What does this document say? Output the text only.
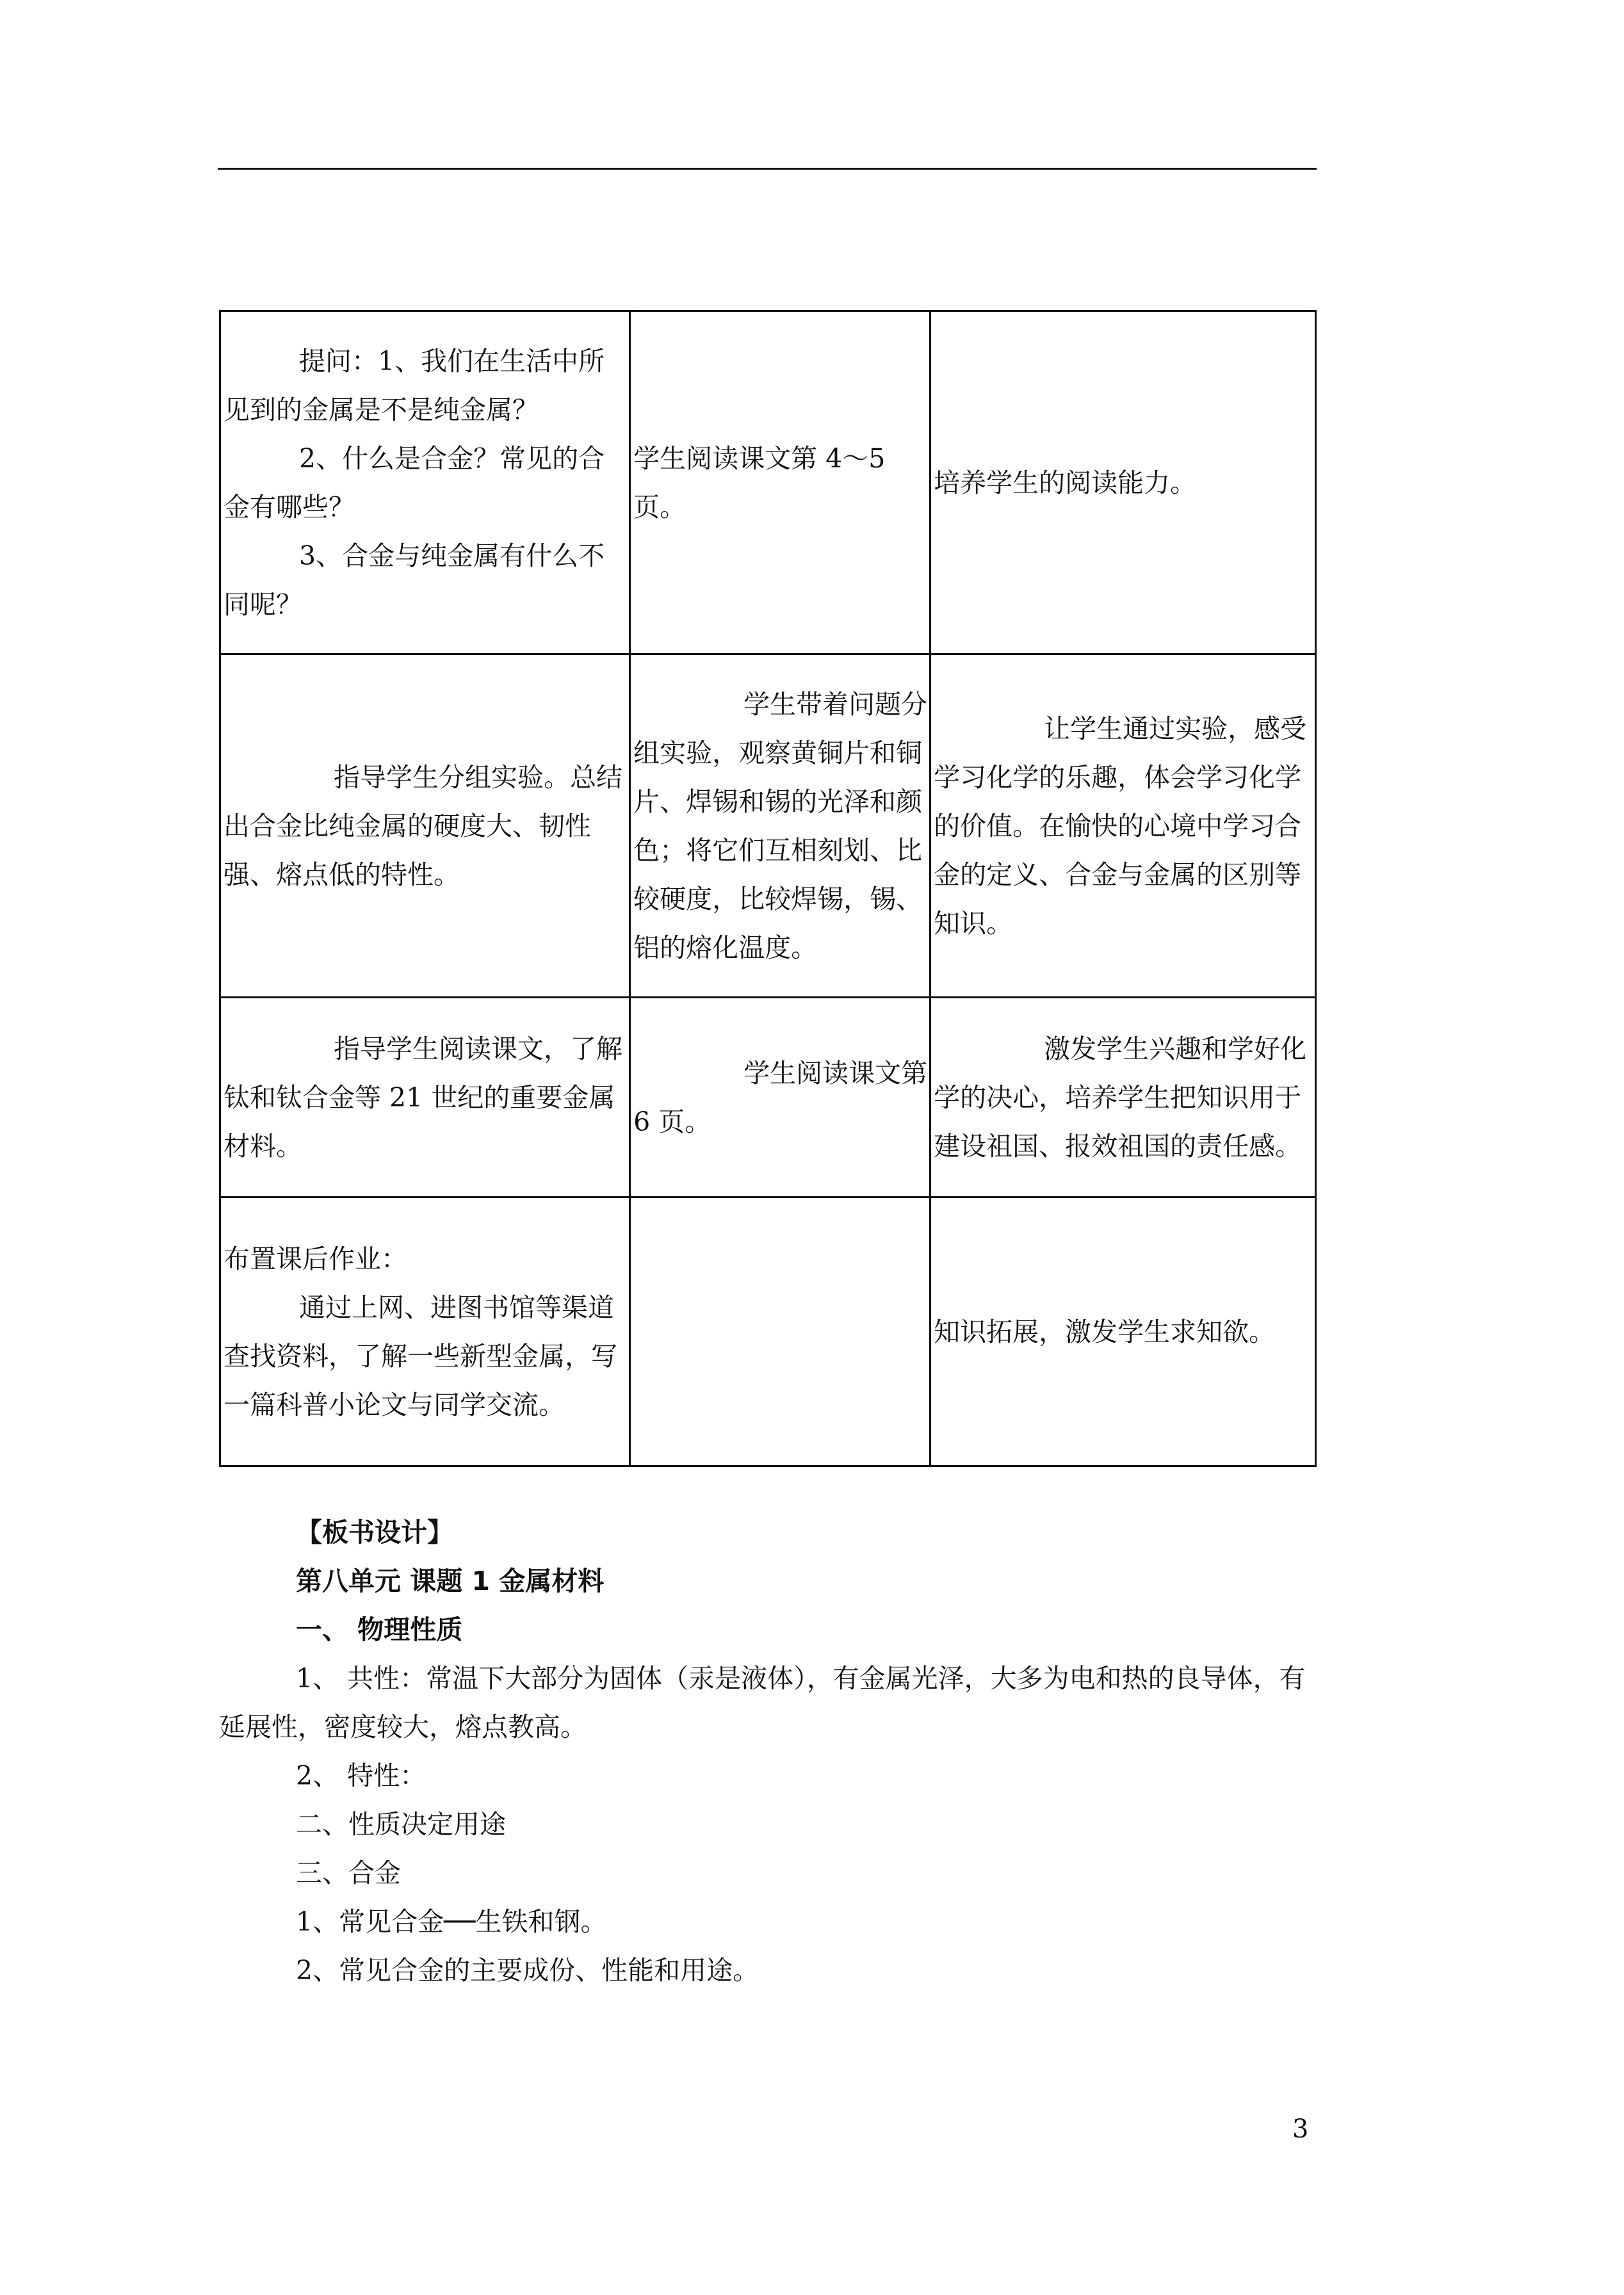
提问：1、我们在生活中所见到的金属是不是纯金属？

2、什么是合金？常见的合金有哪些？

3、合金与纯金属有什么不同呢？	学生阅读课文第 4～5 页。	培养学生的阅读能力。

指导学生分组实验。总结出合金比纯金属的硬度大、韧性强、熔点低的特性。	学生带着问题分组实验，观察黄铜片和铜片、焊锡和锡的光泽和颜色；将它们互相刻划、比较硬度，比较焊锡，锡、铝的熔化温度。	让学生通过实验，感受学习化学的乐趣，体会学习化学的价值。在愉快的心境中学习合金的定义、合金与金属的区别等知识。

指导学生阅读课文，了解钛和钛合金等 21 世纪的重要金属材料。	学生阅读课文第 6 页。	激发学生兴趣和学好化学的决心，培养学生把知识用于建设祖国、报效祖国的责任感。

布置课后作业：

通过上网、进图书馆等渠道查找资料，了解一些新型金属，写一篇科普小论文与同学交流。		知识拓展，激发学生求知欲。

【板书设计】

第八单元 课题 1 金属材料

一、 物理性质

1、 共性：常温下大部分为固体（汞是液体），有金属光泽，大多为电和热的良导体，有延展性，密度较大，熔点教高。

2、 特性：

二、性质决定用途

三、合金

1、常见合金──生铁和钢。

2、常见合金的主要成份、性能和用途。

3
